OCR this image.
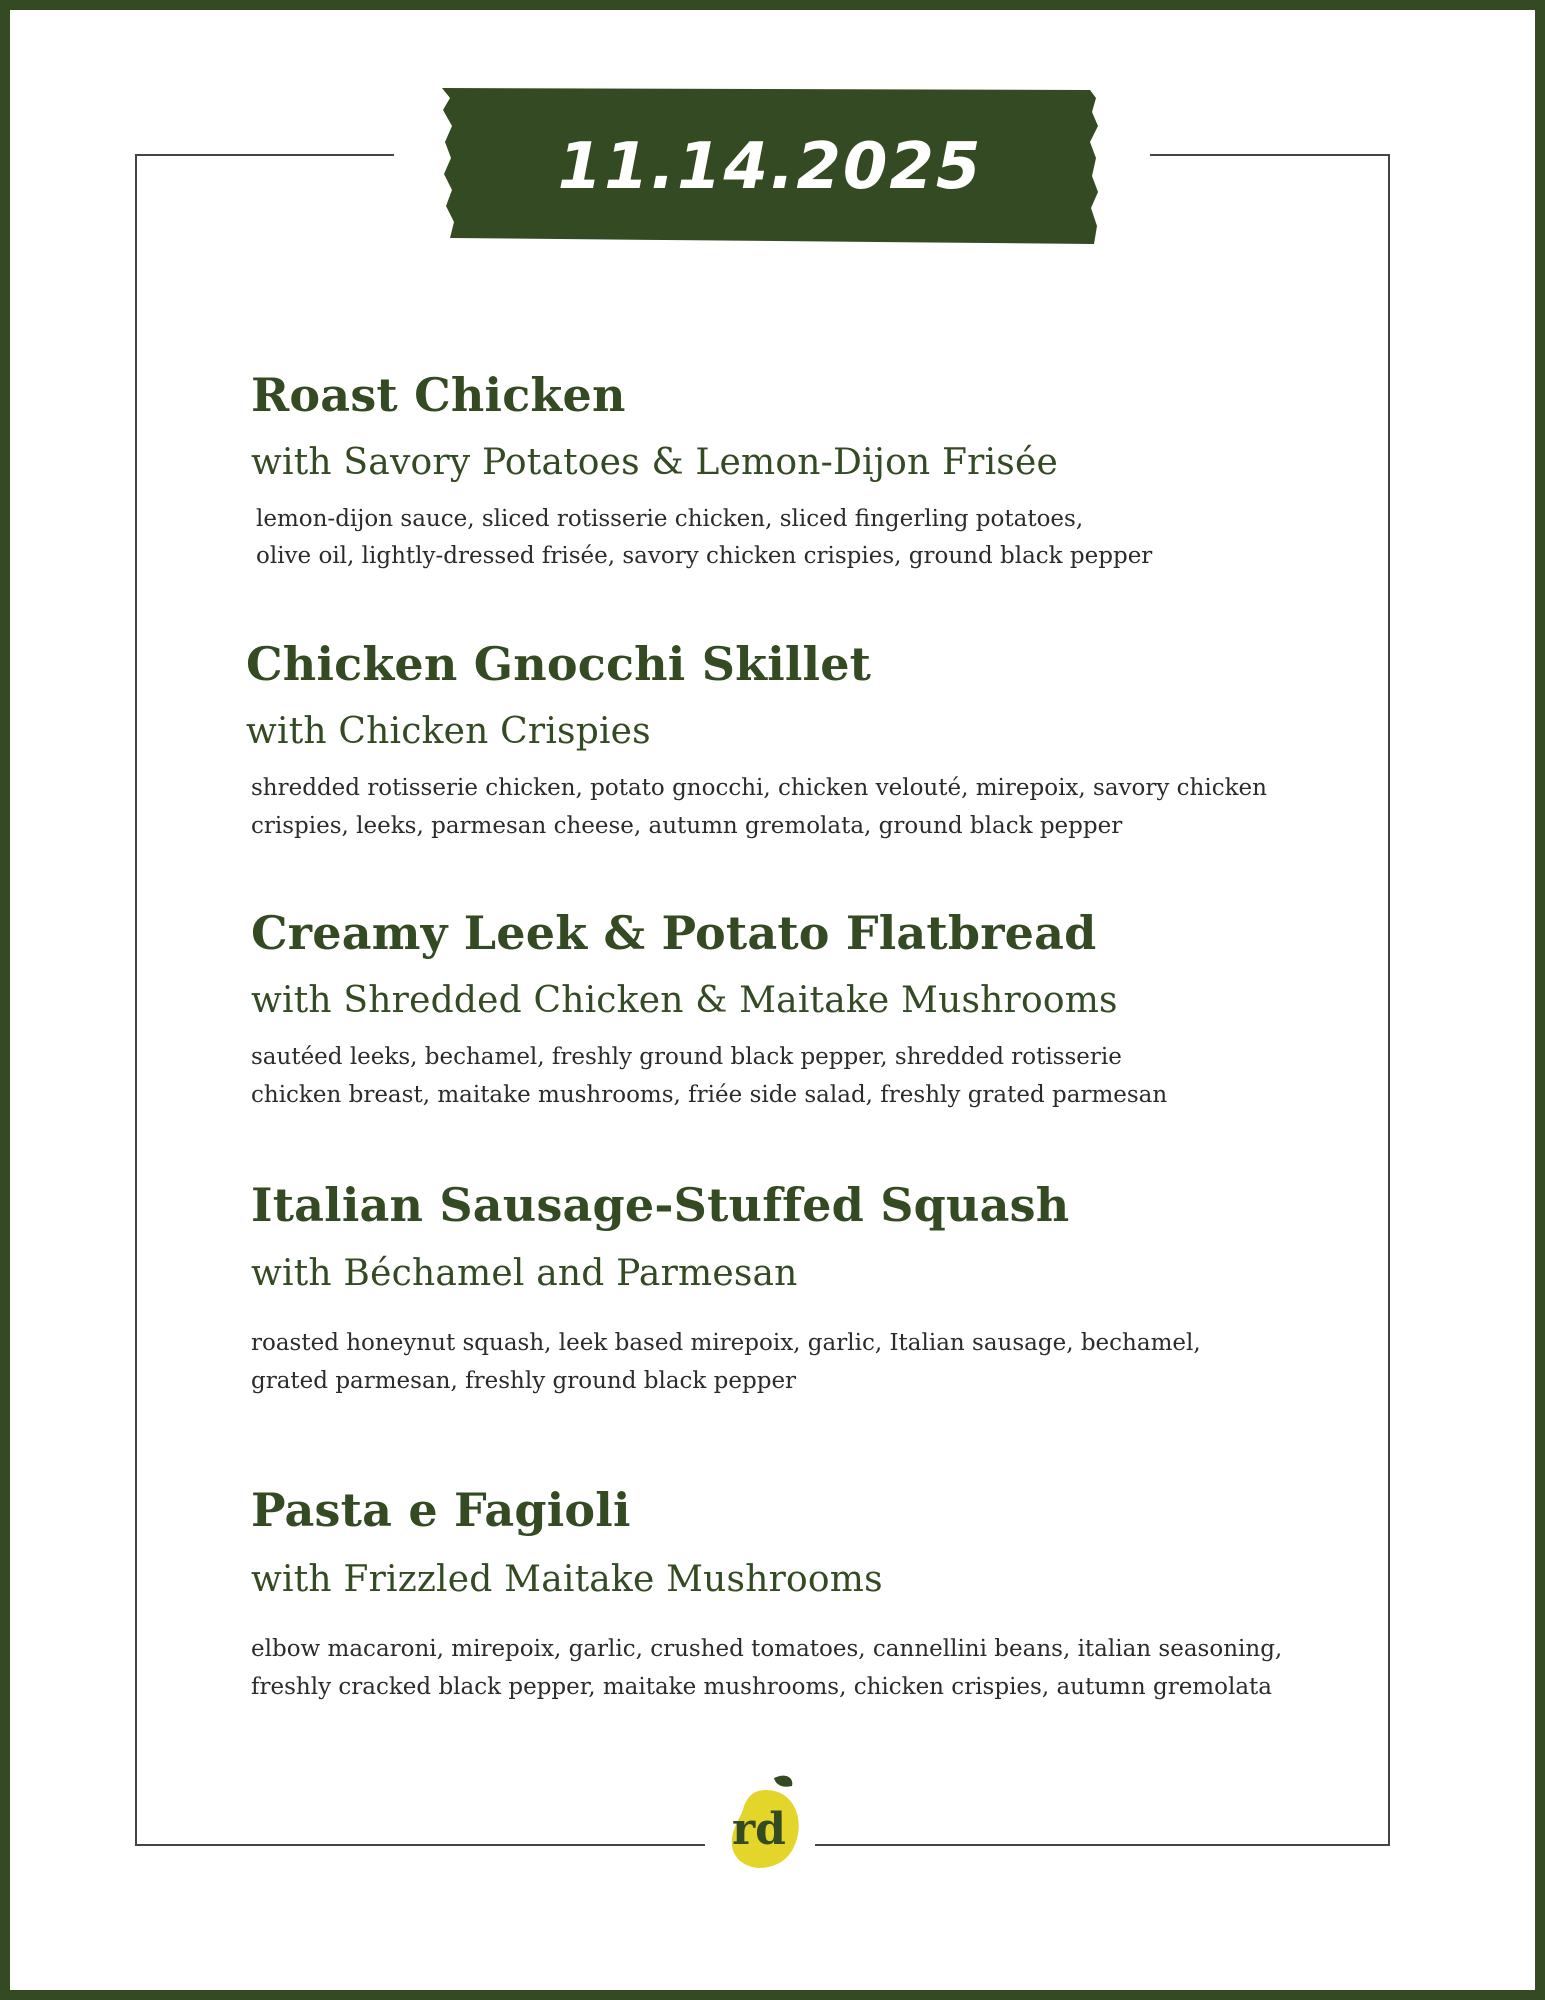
11.14.2025
Roast Chicken

with Savory Potatoes & Lemon-Dijon Frisée

lemon-dijon sauce, sliced rotisserie chicken, sliced fingerling potatoes,

olive oil, lightly-dressed frisée, savory chicken crispies, ground black pepper

Chicken Gnocchi Skillet

with Chicken Crispies

shredded rotisserie chicken, potato gnocchi, chicken velouté, mirepoix, savory chicken

crispies, leeks, parmesan cheese, autumn gremolata, ground black pepper

Creamy Leek & Potato Flatbread

with Shredded Chicken & Maitake Mushrooms

sautéed leeks, bechamel, freshly ground black pepper, shredded rotisserie

chicken breast, maitake mushrooms, friée side salad, freshly grated parmesan

Italian Sausage-Stuffed Squash

with Béchamel and Parmesan

roasted honeynut squash, leek based mirepoix, garlic, Italian sausage, bechamel,

grated parmesan, freshly ground black pepper

Pasta e Fagioli

with Frizzled Maitake Mushrooms

elbow macaroni, mirepoix, garlic, crushed tomatoes, cannellini beans, italian seasoning,

freshly cracked black pepper, maitake mushrooms, chicken crispies, autumn gremolata

rd
